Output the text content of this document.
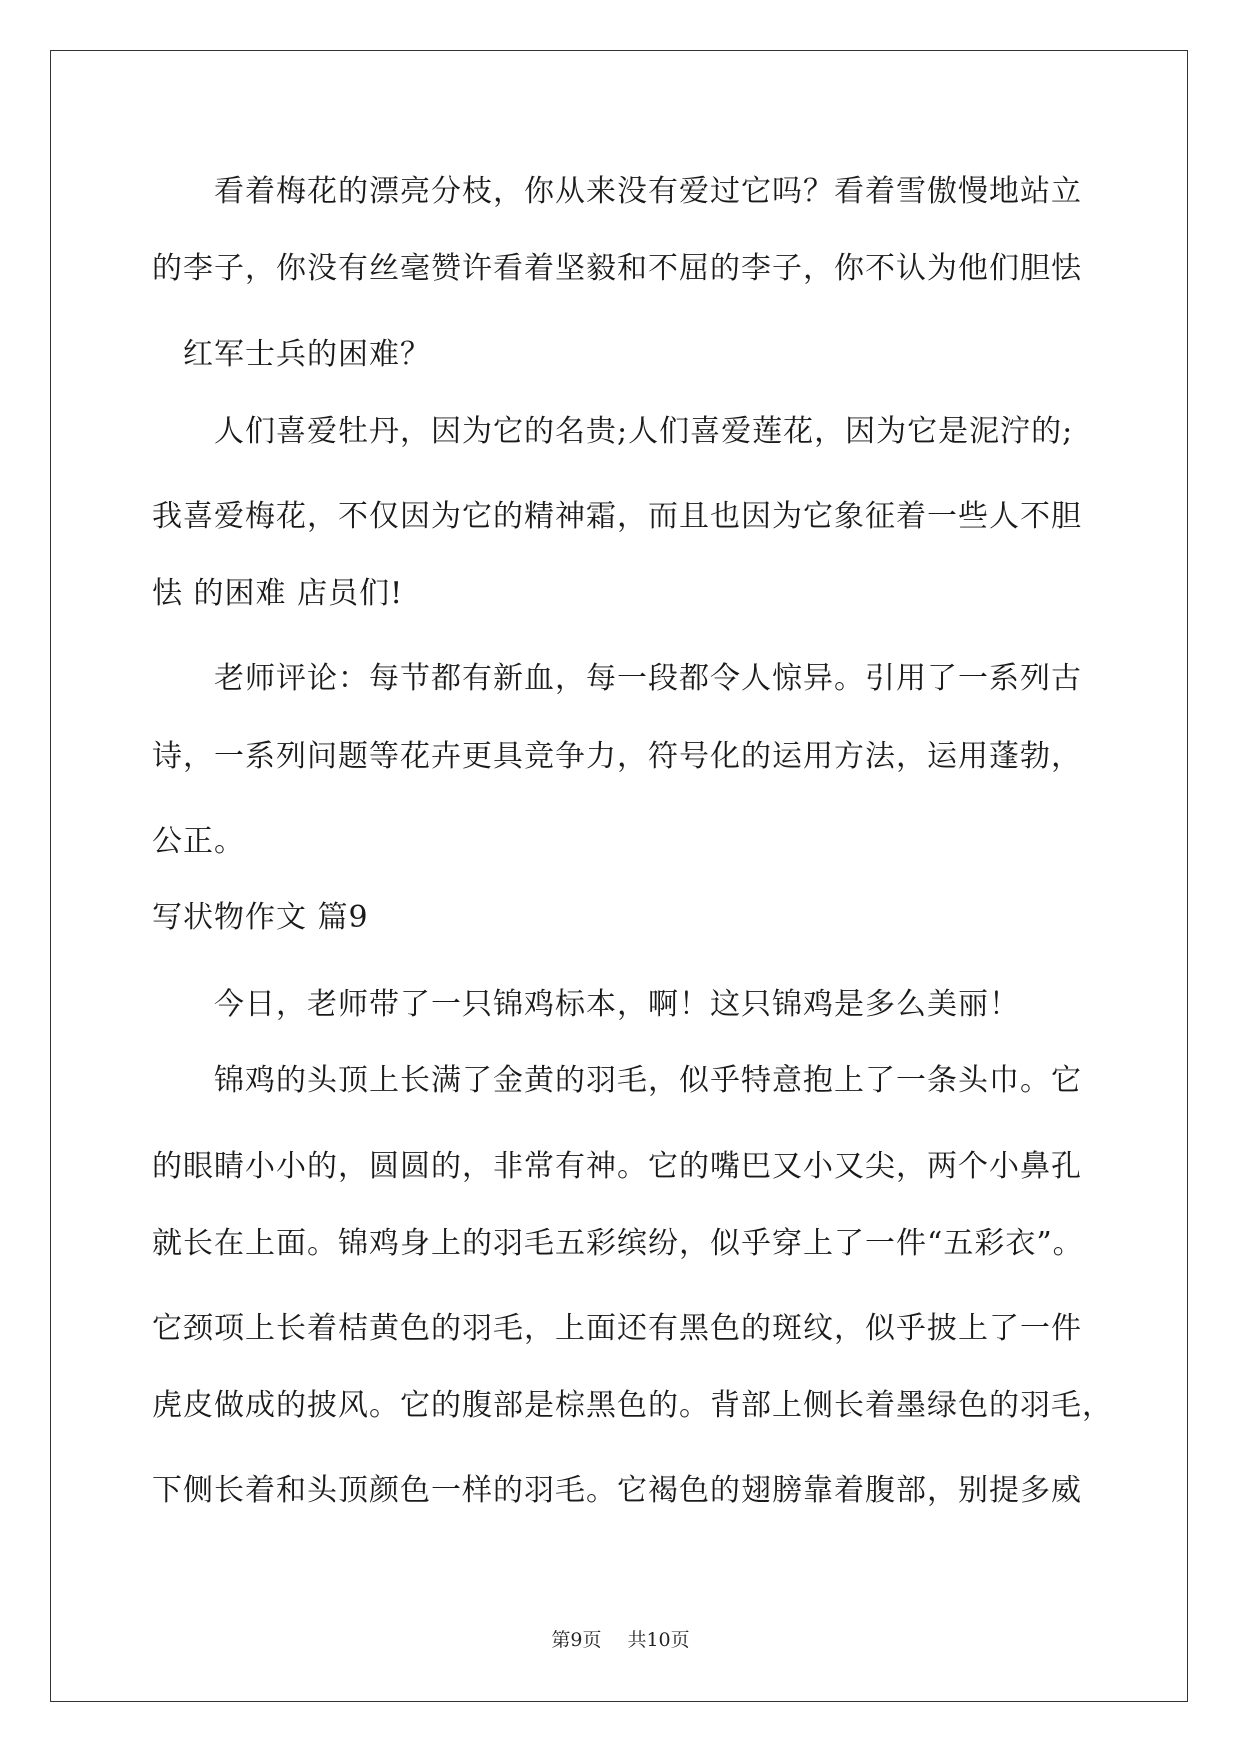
　　看着梅花的漂亮分枝，你从来没有爱过它吗？看着雪傲慢地站立
的李子，你没有丝毫赞许看着坚毅和不屈的李子，你不认为他们胆怯
　红军士兵的困难？
　　人们喜爱牡丹，因为它的名贵;人们喜爱莲花，因为它是泥泞的;
我喜爱梅花，不仅因为它的精神霜，而且也因为它象征着一些人不胆
怯 的困难 店员们!
　　老师评论：每节都有新血，每一段都令人惊异。引用了一系列古
诗，一系列问题等花卉更具竞争力，符号化的运用方法，运用蓬勃，
公正。
写状物作文 篇9
　　今日，老师带了一只锦鸡标本，啊！这只锦鸡是多么美丽！
　　锦鸡的头顶上长满了金黄的羽毛，似乎特意抱上了一条头巾。它
的眼睛小小的，圆圆的，非常有神。它的嘴巴又小又尖，两个小鼻孔
就长在上面。锦鸡身上的羽毛五彩缤纷，似乎穿上了一件“五彩衣”。
它颈项上长着桔黄色的羽毛，上面还有黑色的斑纹，似乎披上了一件
虎皮做成的披风。它的腹部是棕黑色的。背部上侧长着墨绿色的羽毛，
下侧长着和头顶颜色一样的羽毛。它褐色的翅膀靠着腹部，别提多威
第9页 共10页
